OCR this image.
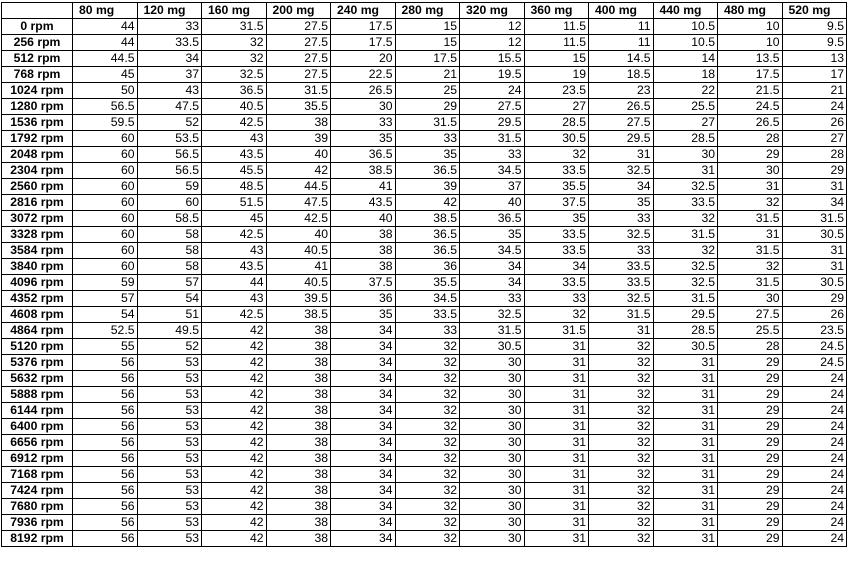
	80 mg	120 mg	160 mg	200 mg	240 mg	280 mg	320 mg	360 mg	400 mg	440 mg	480 mg	520 mg
0 rpm	44	33	31.5	27.5	17.5	15	12	11.5	11	10.5	10	9.5
256 rpm	44	33.5	32	27.5	17.5	15	12	11.5	11	10.5	10	9.5
512 rpm	44.5	34	32	27.5	20	17.5	15.5	15	14.5	14	13.5	13
768 rpm	45	37	32.5	27.5	22.5	21	19.5	19	18.5	18	17.5	17
1024 rpm	50	43	36.5	31.5	26.5	25	24	23.5	23	22	21.5	21
1280 rpm	56.5	47.5	40.5	35.5	30	29	27.5	27	26.5	25.5	24.5	24
1536 rpm	59.5	52	42.5	38	33	31.5	29.5	28.5	27.5	27	26.5	26
1792 rpm	60	53.5	43	39	35	33	31.5	30.5	29.5	28.5	28	27
2048 rpm	60	56.5	43.5	40	36.5	35	33	32	31	30	29	28
2304 rpm	60	56.5	45.5	42	38.5	36.5	34.5	33.5	32.5	31	30	29
2560 rpm	60	59	48.5	44.5	41	39	37	35.5	34	32.5	31	31
2816 rpm	60	60	51.5	47.5	43.5	42	40	37.5	35	33.5	32	34
3072 rpm	60	58.5	45	42.5	40	38.5	36.5	35	33	32	31.5	31.5
3328 rpm	60	58	42.5	40	38	36.5	35	33.5	32.5	31.5	31	30.5
3584 rpm	60	58	43	40.5	38	36.5	34.5	33.5	33	32	31.5	31
3840 rpm	60	58	43.5	41	38	36	34	34	33.5	32.5	32	31
4096 rpm	59	57	44	40.5	37.5	35.5	34	33.5	33.5	32.5	31.5	30.5
4352 rpm	57	54	43	39.5	36	34.5	33	33	32.5	31.5	30	29
4608 rpm	54	51	42.5	38.5	35	33.5	32.5	32	31.5	29.5	27.5	26
4864 rpm	52.5	49.5	42	38	34	33	31.5	31.5	31	28.5	25.5	23.5
5120 rpm	55	52	42	38	34	32	30.5	31	32	30.5	28	24.5
5376 rpm	56	53	42	38	34	32	30	31	32	31	29	24.5
5632 rpm	56	53	42	38	34	32	30	31	32	31	29	24
5888 rpm	56	53	42	38	34	32	30	31	32	31	29	24
6144 rpm	56	53	42	38	34	32	30	31	32	31	29	24
6400 rpm	56	53	42	38	34	32	30	31	32	31	29	24
6656 rpm	56	53	42	38	34	32	30	31	32	31	29	24
6912 rpm	56	53	42	38	34	32	30	31	32	31	29	24
7168 rpm	56	53	42	38	34	32	30	31	32	31	29	24
7424 rpm	56	53	42	38	34	32	30	31	32	31	29	24
7680 rpm	56	53	42	38	34	32	30	31	32	31	29	24
7936 rpm	56	53	42	38	34	32	30	31	32	31	29	24
8192 rpm	56	53	42	38	34	32	30	31	32	31	29	24
